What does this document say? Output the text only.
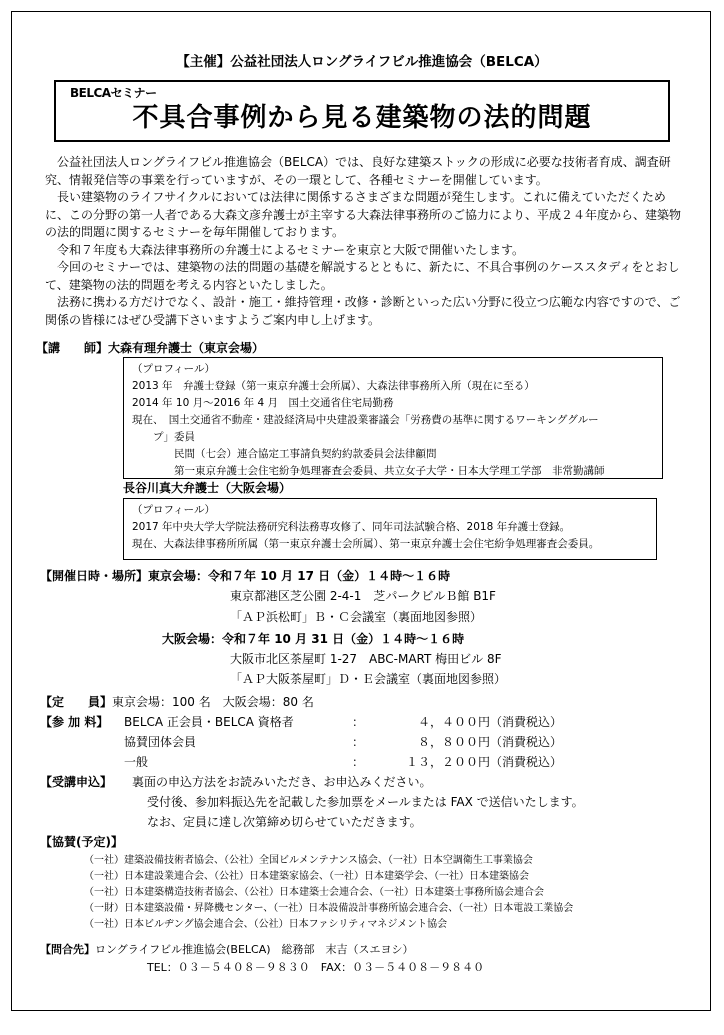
【主催】公益社団法人ロングライフビル推進協会（BELCA）
BELCAセミナー
不具合事例から見る建築物の法的問題

公益社団法人ロングライフビル推進協会（BELCA）では、良好な建築ストックの形成に必要な技術者育成、調査研究、情報発信等の事業を行っていますが、その一環として、各種セミナーを開催しています。

長い建築物のライフサイクルにおいては法律に関係するさまざまな問題が発生します。これに備えていただくために、この分野の第一人者である大森文彦弁護士が主宰する大森法律事務所のご協力により、平成２４年度から、建築物の法的問題に関するセミナーを毎年開催しております。

令和７年度も大森法律事務所の弁護士によるセミナーを東京と大阪で開催いたします。

今回のセミナーでは、建築物の法的問題の基礎を解説するとともに、新たに、不具合事例のケーススタディをとおして、建築物の法的問題を考える内容といたしました。

法務に携わる方だけでなく、設計・施工・維持管理・改修・診断といった広い分野に役立つ広範な内容ですので、ご関係の皆様にはぜひ受講下さいますようご案内申し上げます。

【講　　師】大森有理弁護士（東京会場）
（プロフィール）
2013 年　弁護士登録（第一東京弁護士会所属）、大森法律事務所入所（現在に至る）
2014 年 10 月～2016 年 4 月　国土交通省住宅局勤務
現在、　国土交通省不動産・建設経済局中央建設業審議会「労務費の基準に関するワーキンググルー
　　プ」委員
　　　　民間（七会）連合協定工事請負契約約款委員会法律顧問
　　　　第一東京弁護士会住宅紛争処理審査会委員、共立女子大学・日本大学理工学部　非常勤講師
長谷川真大弁護士（大阪会場）
（プロフィール）
2017 年中央大学大学院法務研究科法務専攻修了、同年司法試験合格、2018 年弁護士登録。
現在、大森法律事務所所属（第一東京弁護士会所属）、第一東京弁護士会住宅紛争処理審査会委員。
【開催日時・場所】東京会場：令和７年 10 月 17 日（金）１４時～１６時
東京都港区芝公園 2-4-1　芝パークビルＢ館 B1F
「ＡＰ浜松町」Ｂ・Ｃ会議室（裏面地図参照）
大阪会場：令和７年 10 月 31 日（金）１４時～１６時
大阪市北区茶屋町 1-27　ABC-MART 梅田ビル 8F
「ＡＰ大阪茶屋町」Ｄ・Ｅ会議室（裏面地図参照）
【定　　員】東京会場：100 名　大阪会場：80 名
【参 加 料】 BELCA 正会員・BELCA 資格者	：	４，４００円（消費税込）
協賛団体会員	：	８，８００円（消費税込）
一般	：	１３，２００円（消費税込）
【受講申込】 裏面の申込方法をお読みいただき、お申込みください。
受付後、参加料振込先を記載した参加票をメールまたは FAX で送信いたします。
なお、定員に達し次第締め切らせていただきます。
【協賛(予定)】
（一社）建築設備技術者協会、（公社）全国ビルメンテナンス協会、（一社）日本空調衛生工事業協会
（一社）日本建設業連合会、（公社）日本建築家協会、（一社）日本建築学会、（一社）日本建築協会
（一社）日本建築構造技術者協会、（公社）日本建築士会連合会、（一社）日本建築士事務所協会連合会
（一財）日本建築設備・昇降機センター、（一社）日本設備設計事務所協会連合会、（一社）日本電設工業協会
（一社）日本ビルヂング協会連合会、（公社）日本ファシリティマネジメント協会
【問合先】ロングライフビル推進協会(BELCA)　総務部　末吉（スエヨシ）
TEL：０３－５４０８－９８３０　FAX：０３－５４０８－９８４０
